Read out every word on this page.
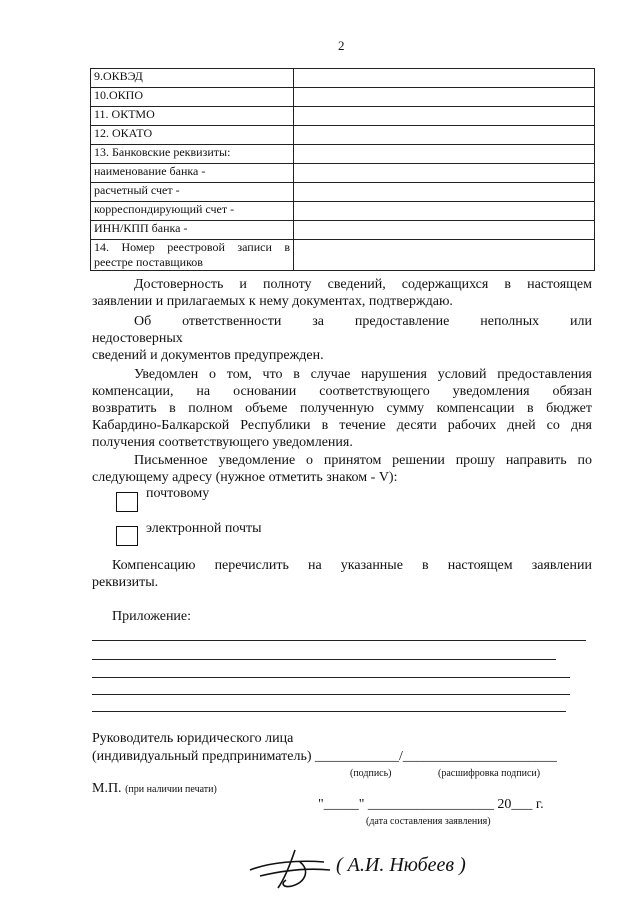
2
9.ОКВЭД	
10.ОКПО	
11. ОКТМО	
12. ОКАТО	
13. Банковские реквизиты:	
наименование банка -	
расчетный счет -	
корреспондирующий счет -	
ИНН/КПП банка -	
14. Номер реестровой записи в реестре поставщиков	
Достоверность и полноту сведений, содержащихся в настоящем
заявлении и прилагаемых к нему документах, подтверждаю.
Об ответственности за предоставление неполных или
недостоверных
сведений и документов предупрежден.
Уведомлен о том, что в случае нарушения условий предоставления
компенсации, на основании соответствующего уведомления обязан
возвратить в полном объеме полученную сумму компенсации в бюджет
Кабардино-Балкарской Республики в течение десяти рабочих дней со дня
получения соответствующего уведомления.
Письменное уведомление о принятом решении прошу направить по
следующему адресу (нужное отметить знаком - V):
почтовому
электронной почты
Компенсацию перечислить на указанные в настоящем заявлении
реквизиты.
Приложение:
Руководитель юридического лица
(индивидуальный предприниматель) ____________/______________________
(подпись)	(расшифровка подписи)
М.П. (при наличии печати)
"_____" __________________ 20___ г.
(дата составления заявления)
( А.И. Нюбеев )
